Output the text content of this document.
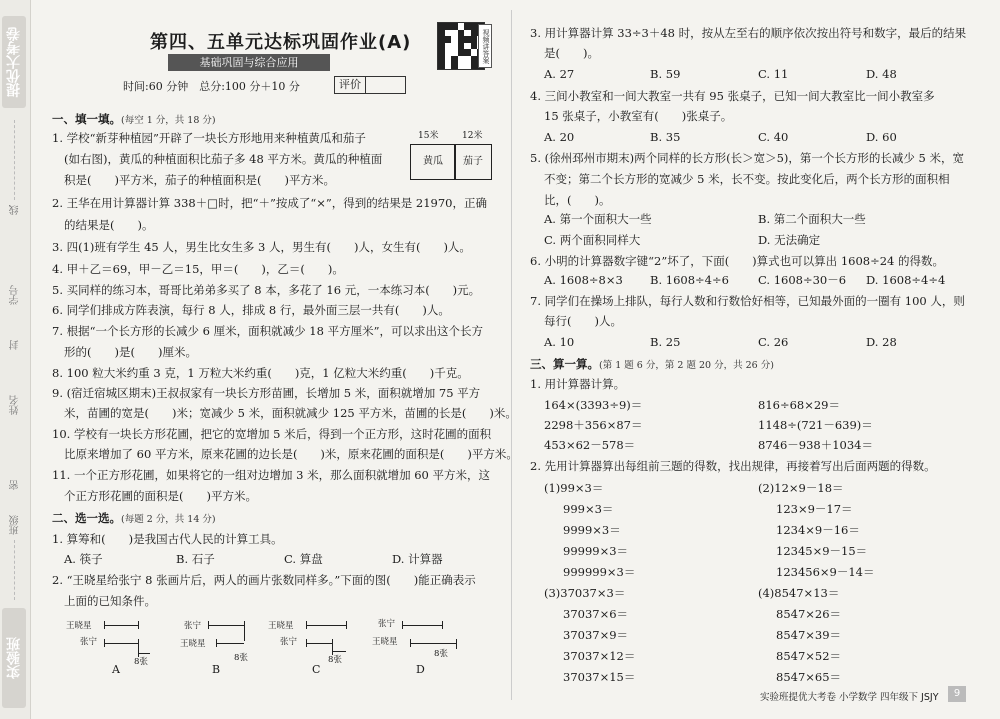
提优大考卷
线
学号
封
姓名
密
班级
实验班
第四、五单元达标巩固作业(A)
基础巩固与综合应用	视频讲答案
时间:60 分钟　总分:100 分＋10 分	评价
一、填一填。(每空 1 分，共 18 分)
1. 学校“新芽种植园”开辟了一块长方形地用来种植黄瓜和茄子
(如右图)，黄瓜的种植面积比茄子多 48 平方米。黄瓜的种植面
积是(　　)平方米，茄子的种植面积是(　　)平方米。
15米	12米
黄瓜	茄子
2. 王华在用计算器计算 338＋□时，把“＋”按成了“×”，得到的结果是 21970，正确
的结果是(　　)。
3. 四(1)班有学生 45 人，男生比女生多 3 人，男生有(　　)人，女生有(　　)人。
4. 甲＋乙＝69，甲－乙＝15，甲＝(　　)，乙＝(　　)。
5. 买同样的练习本，哥哥比弟弟多买了 8 本，多花了 16 元，一本练习本(　　)元。
6. 同学们排成方阵表演，每行 8 人，排成 8 行，最外面三层一共有(　　)人。
7. 根据“一个长方形的长减少 6 厘米，面积就减少 18 平方厘米”，可以求出这个长方
形的(　　)是(　　)厘米。
8. 100 粒大米约重 3 克，1 万粒大米约重(　　)克，1 亿粒大米约重(　　)千克。
9. (宿迁宿城区期末)王叔叔家有一块长方形苗圃，长增加 5 米，面积就增加 75 平方
米，苗圃的宽是(　　)米；宽减少 5 米，面积就减少 125 平方米，苗圃的长是(　　)米。
10. 学校有一块长方形花圃，把它的宽增加 5 米后，得到一个正方形，这时花圃的面积
比原来增加了 60 平方米，原来花圃的边长是(　　)米，原来花圃的面积是(　　)平方米。
11. 一个正方形花圃，如果将它的一组对边增加 3 米，那么面积就增加 60 平方米，这
个正方形花圃的面积是(　　)平方米。
二、选一选。(每题 2 分，共 14 分)
1. 算筹和(　　)是我国古代人民的计算工具。
A. 筷子	B. 石子	C. 算盘	D. 计算器
2. “王晓星给张宁 8 张画片后，两人的画片张数同样多。”下面的图(　　)能正确表示
上面的已知条件。
王晓星
张宁
8张
张宁
王晓星
8张
王晓星
张宁
8张
张宁
王晓星
8张
A	B	C	D
3. 用计算器计算 33÷3＋48 时，按从左至右的顺序依次按出符号和数字，最后的结果
是(　　)。
A. 27	B. 59	C. 11	D. 48
4. 三间小教室和一间大教室一共有 95 张桌子，已知一间大教室比一间小教室多
15 张桌子，小教室有(　　)张桌子。
A. 20	B. 35	C. 40	D. 60
5. (徐州邳州市期末)两个同样的长方形(长＞宽＞5)，第一个长方形的长减少 5 米，宽
不变；第二个长方形的宽减少 5 米，长不变。按此变化后，两个长方形的面积相
比，(　　)。
A. 第一个面积大一些	B. 第二个面积大一些
C. 两个面积同样大	D. 无法确定
6. 小明的计算器数字键“2”坏了，下面(　　)算式也可以算出 1608÷24 的得数。
A. 1608÷8×3 B. 1608÷4÷6	C. 1608÷30－6 D. 1608÷4÷4
7. 同学们在操场上排队，每行人数和行数恰好相等，已知最外面的一圈有 100 人，则
每行(　　)人。
A. 10	B. 25	C. 26	D. 28
三、算一算。(第 1 题 6 分，第 2 题 20 分，共 26 分)
1. 用计算器计算。
164×(3393÷9)＝	816÷68×29＝
2298＋356×87＝	1148÷(721－639)＝
453×62－578＝	8746－938＋1034＝
2. 先用计算器算出每组前三题的得数，找出规律，再接着写出后面两题的得数。
(1)99×3＝
999×3＝
9999×3＝
99999×3＝
999999×3＝
(2)12×9－18＝
123×9－17＝
1234×9－16＝
12345×9－15＝
123456×9－14＝
(3)37037×3＝
37037×6＝
37037×9＝
37037×12＝
37037×15＝
(4)8547×13＝
8547×26＝
8547×39＝
8547×52＝
8547×65＝
实验班提优大考卷 小学数学 四年级下 JSJY	9
